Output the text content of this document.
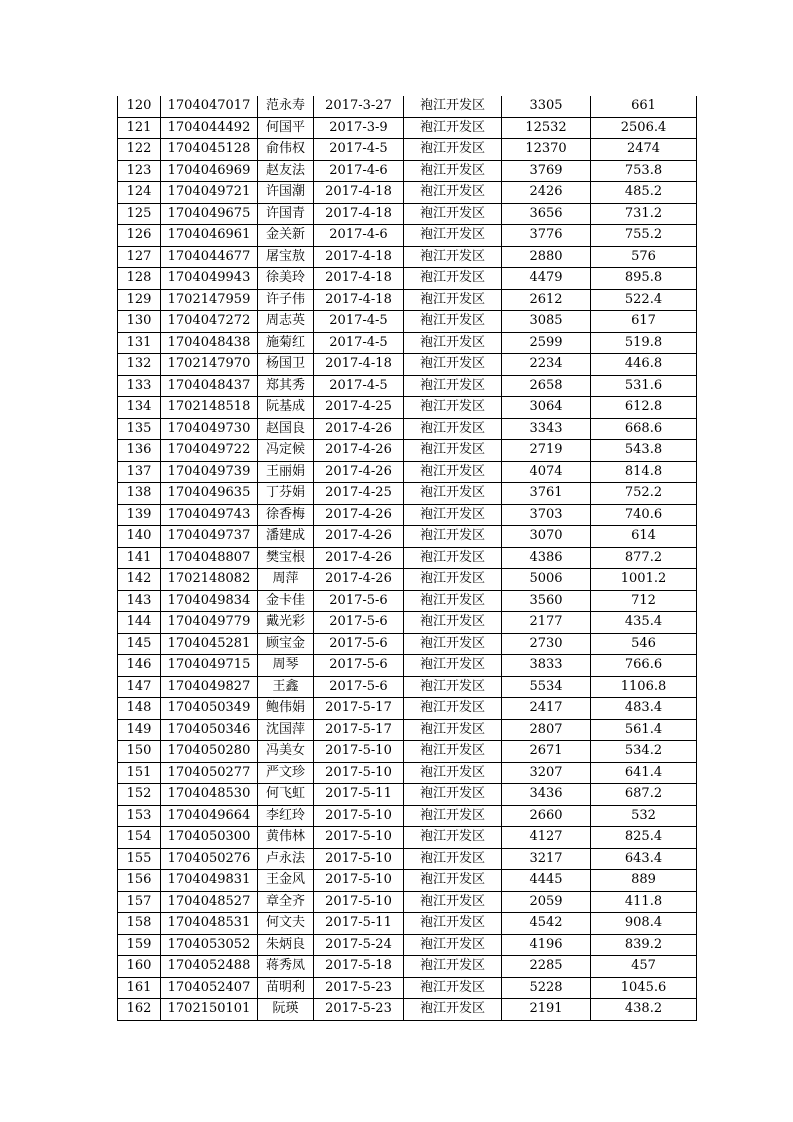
120	1704047017	范永寿	2017-3-27	袍江开发区	3305	661
121	1704044492	何国平	2017-3-9	袍江开发区	12532	2506.4
122	1704045128	俞伟权	2017-4-5	袍江开发区	12370	2474
123	1704046969	赵友法	2017-4-6	袍江开发区	3769	753.8
124	1704049721	许国潮	2017-4-18	袍江开发区	2426	485.2
125	1704049675	许国青	2017-4-18	袍江开发区	3656	731.2
126	1704046961	金关新	2017-4-6	袍江开发区	3776	755.2
127	1704044677	屠宝敖	2017-4-18	袍江开发区	2880	576
128	1704049943	徐美玲	2017-4-18	袍江开发区	4479	895.8
129	1702147959	许子伟	2017-4-18	袍江开发区	2612	522.4
130	1704047272	周志英	2017-4-5	袍江开发区	3085	617
131	1704048438	施菊红	2017-4-5	袍江开发区	2599	519.8
132	1702147970	杨国卫	2017-4-18	袍江开发区	2234	446.8
133	1704048437	郑其秀	2017-4-5	袍江开发区	2658	531.6
134	1702148518	阮基成	2017-4-25	袍江开发区	3064	612.8
135	1704049730	赵国良	2017-4-26	袍江开发区	3343	668.6
136	1704049722	冯定候	2017-4-26	袍江开发区	2719	543.8
137	1704049739	王丽娟	2017-4-26	袍江开发区	4074	814.8
138	1704049635	丁芬娟	2017-4-25	袍江开发区	3761	752.2
139	1704049743	徐香梅	2017-4-26	袍江开发区	3703	740.6
140	1704049737	潘建成	2017-4-26	袍江开发区	3070	614
141	1704048807	樊宝根	2017-4-26	袍江开发区	4386	877.2
142	1702148082	周萍	2017-4-26	袍江开发区	5006	1001.2
143	1704049834	金卡佳	2017-5-6	袍江开发区	3560	712
144	1704049779	戴光彩	2017-5-6	袍江开发区	2177	435.4
145	1704045281	顾宝金	2017-5-6	袍江开发区	2730	546
146	1704049715	周琴	2017-5-6	袍江开发区	3833	766.6
147	1704049827	王鑫	2017-5-6	袍江开发区	5534	1106.8
148	1704050349	鲍伟娟	2017-5-17	袍江开发区	2417	483.4
149	1704050346	沈国萍	2017-5-17	袍江开发区	2807	561.4
150	1704050280	冯美女	2017-5-10	袍江开发区	2671	534.2
151	1704050277	严文珍	2017-5-10	袍江开发区	3207	641.4
152	1704048530	何飞虹	2017-5-11	袍江开发区	3436	687.2
153	1704049664	李红玲	2017-5-10	袍江开发区	2660	532
154	1704050300	黄伟林	2017-5-10	袍江开发区	4127	825.4
155	1704050276	卢永法	2017-5-10	袍江开发区	3217	643.4
156	1704049831	王金风	2017-5-10	袍江开发区	4445	889
157	1704048527	章全齐	2017-5-10	袍江开发区	2059	411.8
158	1704048531	何文夫	2017-5-11	袍江开发区	4542	908.4
159	1704053052	朱炳良	2017-5-24	袍江开发区	4196	839.2
160	1704052488	蒋秀凤	2017-5-18	袍江开发区	2285	457
161	1704052407	苗明利	2017-5-23	袍江开发区	5228	1045.6
162	1702150101	阮瑛	2017-5-23	袍江开发区	2191	438.2
